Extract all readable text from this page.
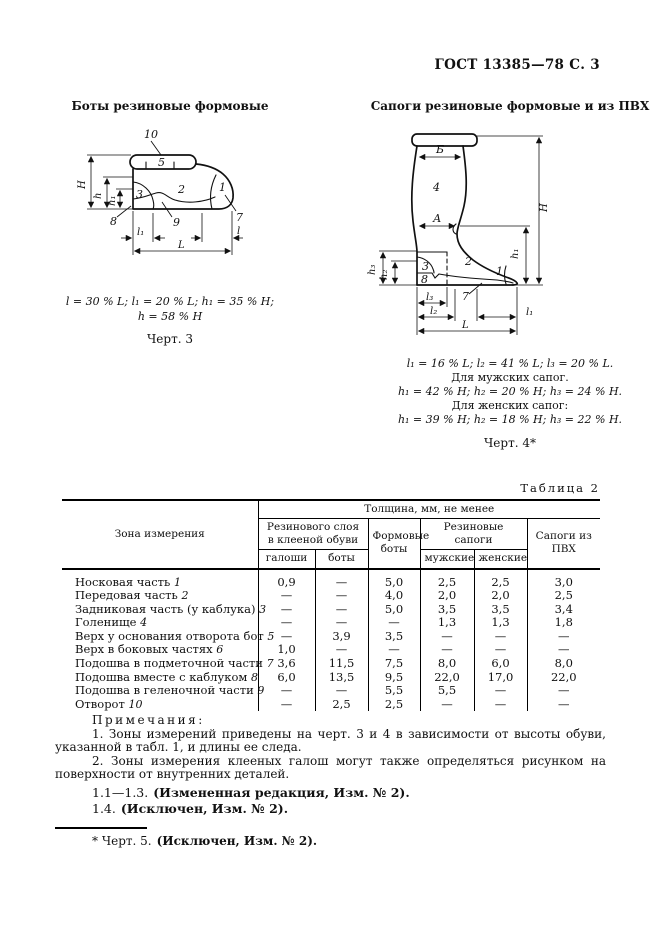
ГОСТ 13385—78 С. 3
Боты резиновые формовые
10
5
3	2	1
8	9	7
H
h h₁
l₁	l
L
l = 30 % L; l₁ = 20 % L; h₁ = 35 % H;
h = 58 % H
Черт. 3
Сапоги резиновые формовые и из ПВХ
Б
4
А
3
8
2
1
7
H
h₁
h₃ h₂
l₃
l₂	l₁
L
l₁ = 16 % L; l₂ = 41 % L; l₃ = 20 % L.
Для мужских сапог.
h₁ = 42 % H; h₂ = 20 % H; h₃ = 24 % H.
Для женских сапог:
h₁ = 39 % H; h₂ = 18 % H; h₃ = 22 % H.
Черт. 4*
Таблица 2
Зона измерения	Толщина, мм, не менее					
	Резинового слоя в клееной обуви		Формовые боты	Резиновые сапоги		Сапоги из ПВХ
	галоши	боты		мужские	женские	
Носковая часть 1	0,9	—	5,0	2,5	2,5	3,0
Передовая часть 2	—	—	4,0	2,0	2,0	2,5
Задниковая часть (у каблука) 3	—	—	5,0	3,5	3,5	3,4
Голенище 4	—	—	—	1,3	1,3	1,8
Верх у основания отворота бот 5	—	3,9	3,5	—	—	—
Верх в боковых частях 6	1,0	—	—	—	—	—
Подошва в подметочной части 7	3,6	11,5	7,5	8,0	6,0	8,0
Подошва вместе с каблуком 8	6,0	13,5	9,5	22,0	17,0	22,0
Подошва в геленочной части 9	—	—	5,5	5,5	—	—
Отворот 10	—	2,5	2,5	—	—	—
Примечания:

1. Зоны измерений приведены на черт. 3 и 4 в зависимости от высоты обуви, указанной в табл. 1, и длины ее следа.

2. Зоны измерения клееных галош могут также определяться рисунком на поверхности от внутренних деталей.

1.1—1.3. (Измененная редакция, Изм. № 2).
1.4. (Исключен, Изм. № 2).
* Черт. 5. (Исключен, Изм. № 2).
